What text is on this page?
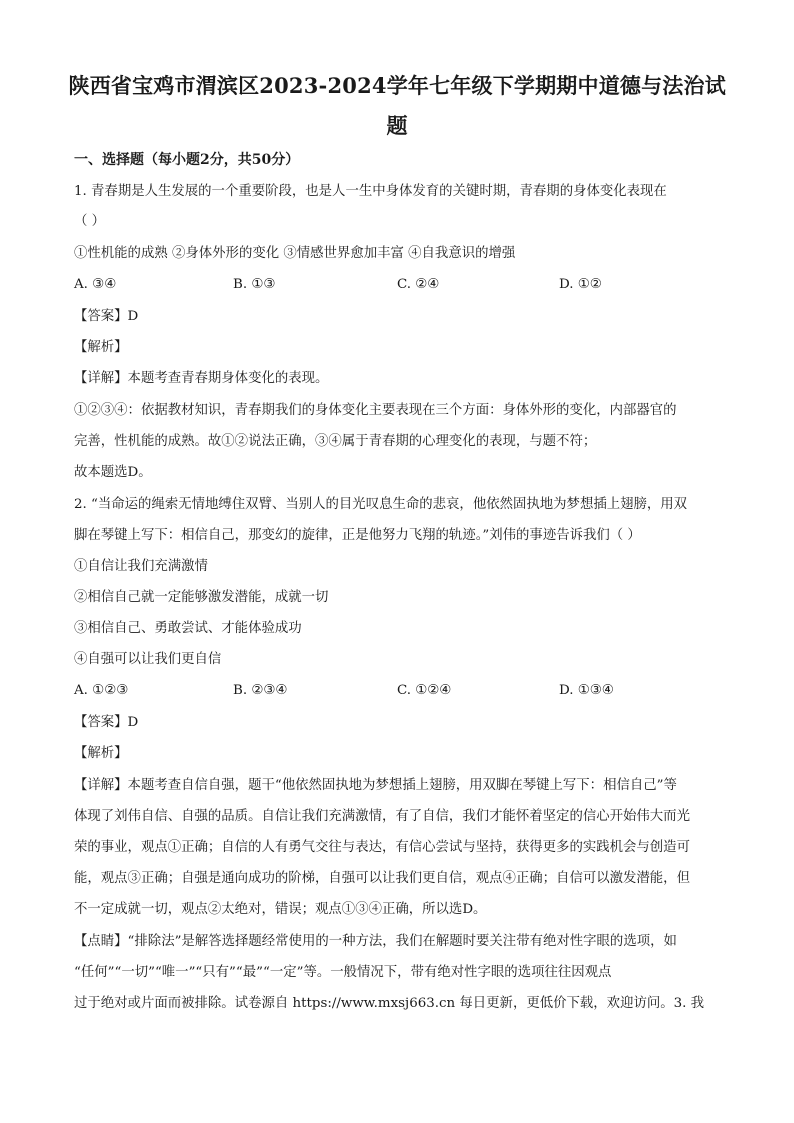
陕西省宝鸡市渭滨区2023-2024学年七年级下学期期中道德与法治试
题
一、选择题（每小题2分，共50分）
1. 青春期是人生发展的一个重要阶段，也是人一生中身体发育的关键时期，青春期的身体变化表现在
（ ）
①性机能的成熟 ②身体外形的变化 ③情感世界愈加丰富 ④自我意识的增强
A. ③④	B. ①③	C. ②④	D. ①②
【答案】D
【解析】
【详解】本题考查青春期身体变化的表现。
①②③④：依据教材知识，青春期我们的身体变化主要表现在三个方面：身体外形的变化，内部器官的
完善，性机能的成熟。故①②说法正确，③④属于青春期的心理变化的表现，与题不符；
故本题选D。
2. “当命运的绳索无情地缚住双臂、当别人的目光叹息生命的悲哀，他依然固执地为梦想插上翅膀，用双
脚在琴键上写下：相信自己，那变幻的旋律，正是他努力飞翔的轨迹。”刘伟的事迹告诉我们（ ）
①自信让我们充满激情
②相信自己就一定能够激发潜能，成就一切
③相信自己、勇敢尝试、才能体验成功
④自强可以让我们更自信
A. ①②③	B. ②③④	C. ①②④	D. ①③④
【答案】D
【解析】
【详解】本题考查自信自强，题干“他依然固执地为梦想插上翅膀，用双脚在琴键上写下：相信自己”等
体现了刘伟自信、自强的品质。自信让我们充满激情，有了自信，我们才能怀着坚定的信心开始伟大而光
荣的事业，观点①正确；自信的人有勇气交往与表达，有信心尝试与坚持，获得更多的实践机会与创造可
能，观点③正确；自强是通向成功的阶梯，自强可以让我们更自信，观点④正确；自信可以激发潜能，但
不一定成就一切，观点②太绝对，错误；观点①③④正确，所以选D。
【点睛】“排除法”是解答选择题经常使用的一种方法，我们在解题时要关注带有绝对性字眼的选项，如
“任何”“一切”“唯一”“只有”“最”“一定”等。一般情况下，带有绝对性字眼的选项往往因观点
过于绝对或片面而被排除。试卷源自 https://www.mxsj663.cn 每日更新，更低价下载，欢迎访问。3. 我
